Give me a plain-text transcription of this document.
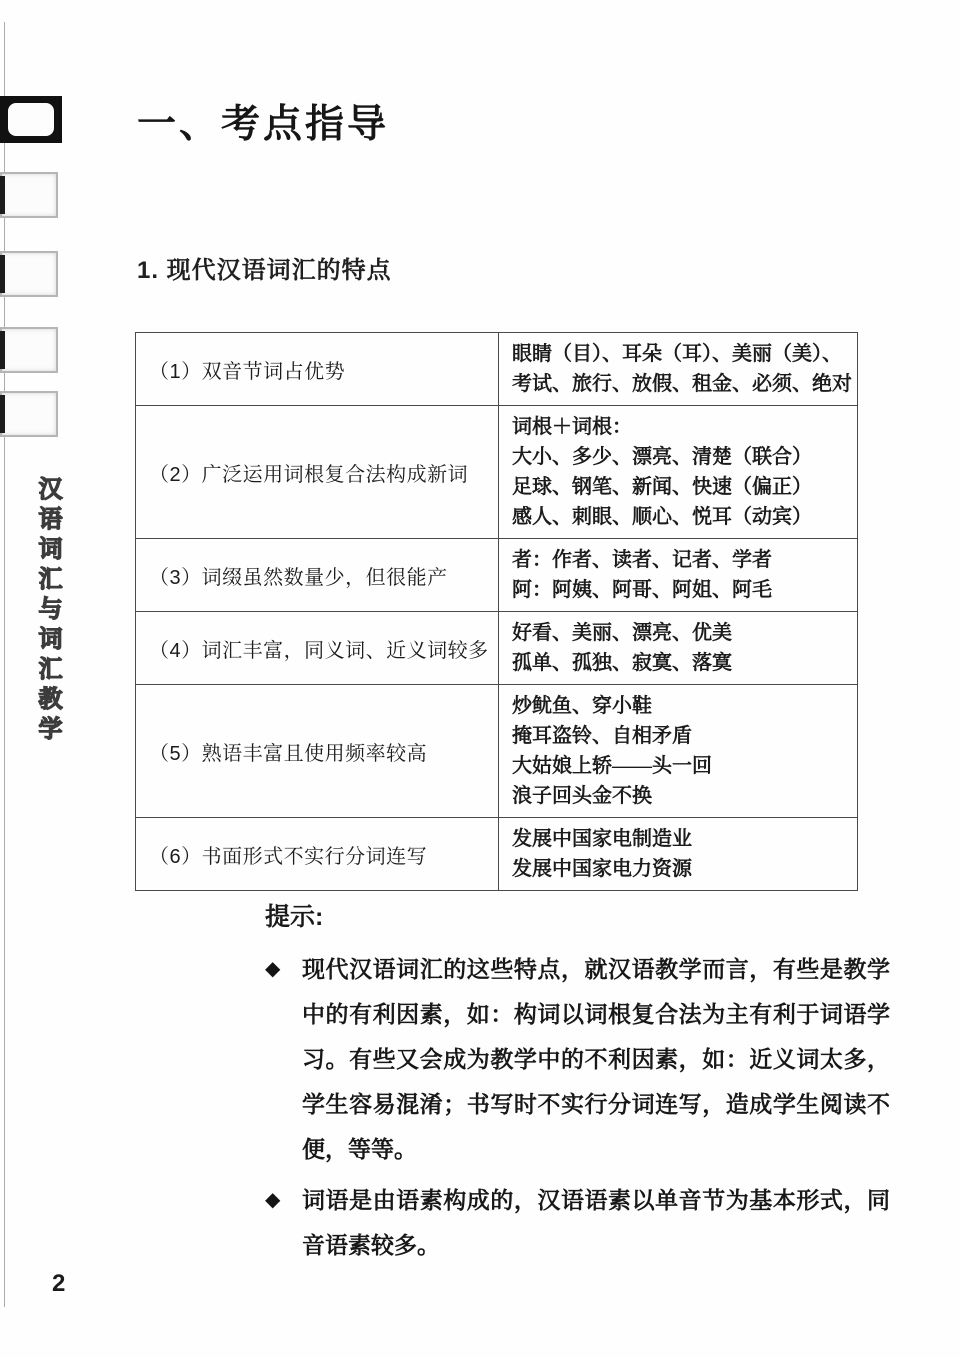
汉语词汇与词汇教学
一、考点指导
1. 现代汉语词汇的特点
（1）双音节词占优势	眼睛（目）、耳朵（耳）、美丽（美）、
考试、旅行、放假、租金、必须、绝对

（2）广泛运用词根复合法构成新词	词根＋词根：
大小、多少、漂亮、清楚（联合）
足球、钢笔、新闻、快速（偏正）
感人、刺眼、顺心、悦耳（动宾）

（3）词缀虽然数量少，但很能产	者：作者、读者、记者、学者
阿：阿姨、阿哥、阿姐、阿毛

（4）词汇丰富，同义词、近义词较多	好看、美丽、漂亮、优美
孤单、孤独、寂寞、落寞

（5）熟语丰富且使用频率较高	炒鱿鱼、穿小鞋
掩耳盗铃、自相矛盾
大姑娘上轿——头一回
浪子回头金不换

（6）书面形式不实行分词连写	发展中国家电制造业
发展中国家电力资源
提示:
◆ 现代汉语词汇的这些特点，就汉语教学而言，有些是教学中的有利因素，如：构词以词根复合法为主有利于词语学习。有些又会成为教学中的不利因素，如：近义词太多，学生容易混淆；书写时不实行分词连写，造成学生阅读不便，等等。
◆ 词语是由语素构成的，汉语语素以单音节为基本形式，同音语素较多。
2
